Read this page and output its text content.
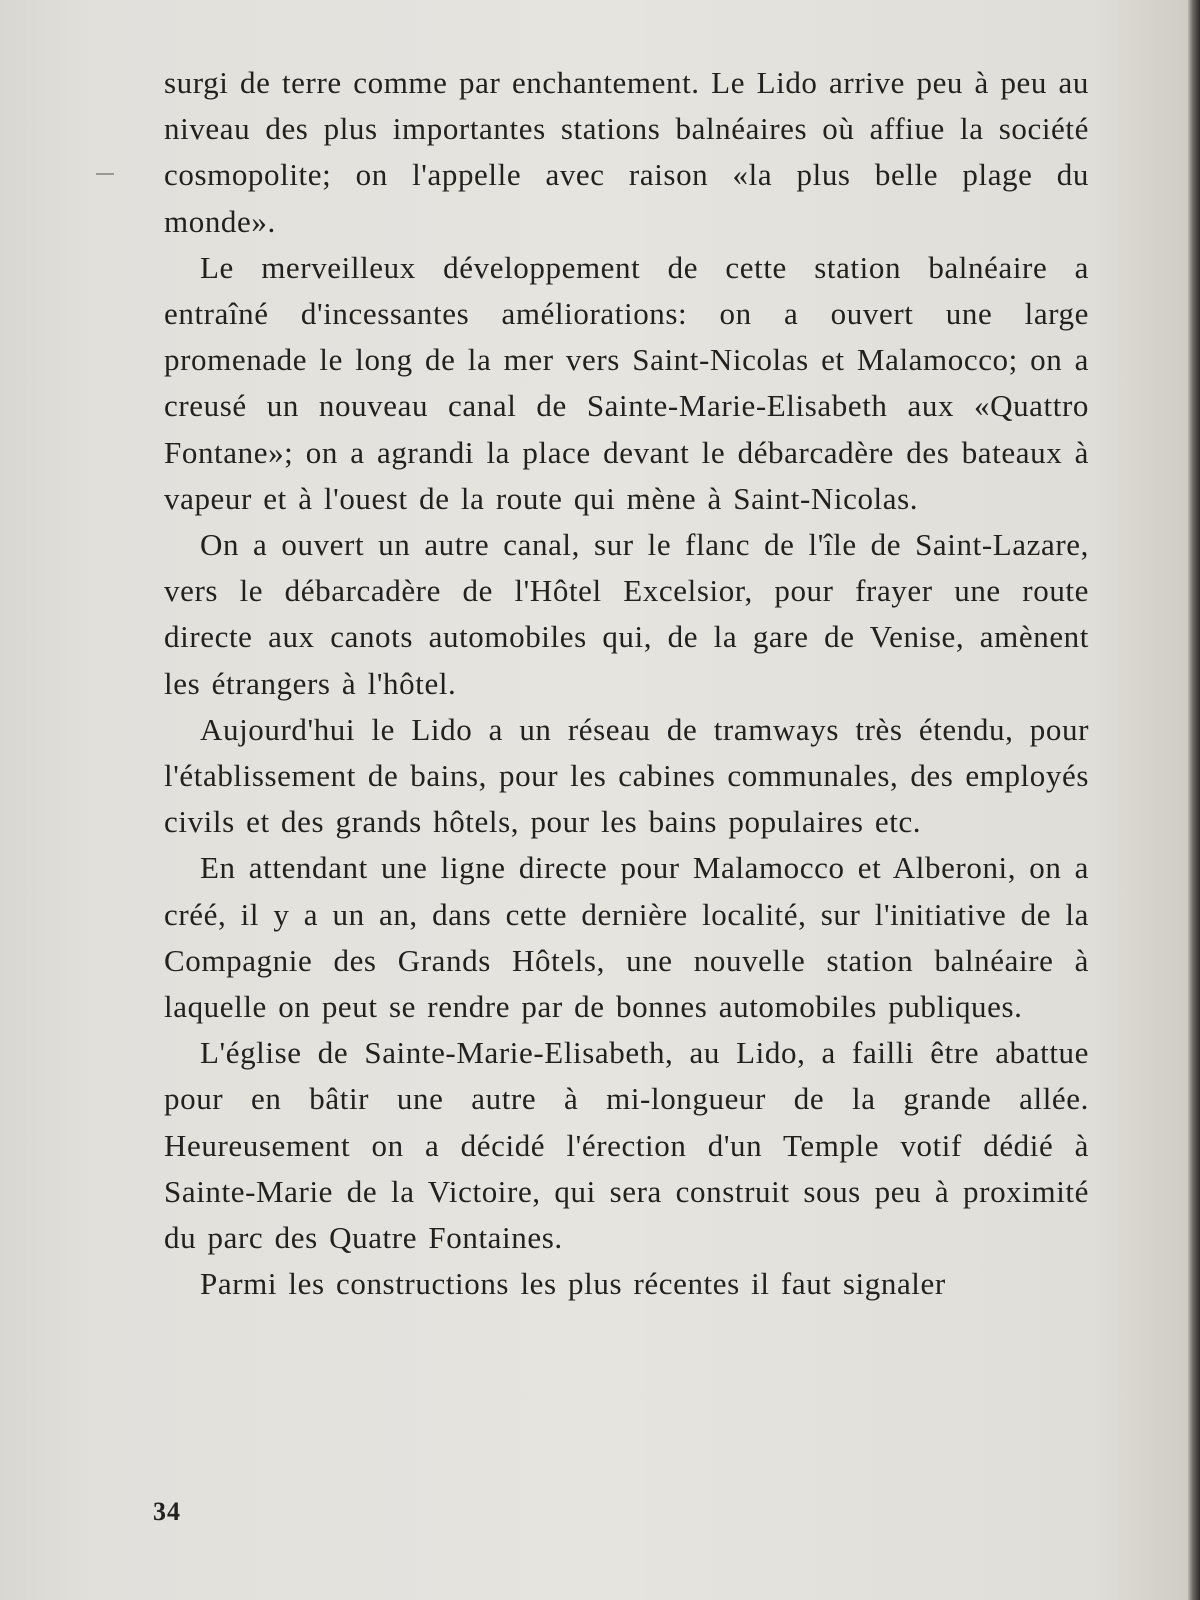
surgi de terre comme par enchantement. Le Lido arrive peu à peu au niveau des plus importantes stations balnéaires où affiue la société cosmopolite; on l'appelle avec raison «la plus belle plage du monde».

Le merveilleux développement de cette station balnéaire a entraîné d'incessantes améliorations: on a ouvert une large promenade le long de la mer vers Saint-Nicolas et Malamocco; on a creusé un nouveau canal de Sainte-Marie-Elisabeth aux «Quattro Fontane»; on a agrandi la place devant le débarcadère des bateaux à vapeur et à l'ouest de la route qui mène à Saint-Nicolas.

On a ouvert un autre canal, sur le flanc de l'île de Saint-Lazare, vers le débarcadère de l'Hôtel Excelsior, pour frayer une route directe aux canots automobiles qui, de la gare de Venise, amènent les étrangers à l'hôtel.

Aujourd'hui le Lido a un réseau de tramways très étendu, pour l'établissement de bains, pour les cabines communales, des employés civils et des grands hôtels, pour les bains populaires etc.

En attendant une ligne directe pour Malamocco et Alberoni, on a créé, il y a un an, dans cette dernière localité, sur l'initiative de la Compagnie des Grands Hôtels, une nouvelle station balnéaire à laquelle on peut se rendre par de bonnes automobiles publiques.

L'église de Sainte-Marie-Elisabeth, au Lido, a failli être abattue pour en bâtir une autre à mi-longueur de la grande allée. Heureusement on a décidé l'érection d'un Temple votif dédié à Sainte-Marie de la Victoire, qui sera construit sous peu à proximité du parc des Quatre Fontaines.

Parmi les constructions les plus récentes il faut signaler

34
